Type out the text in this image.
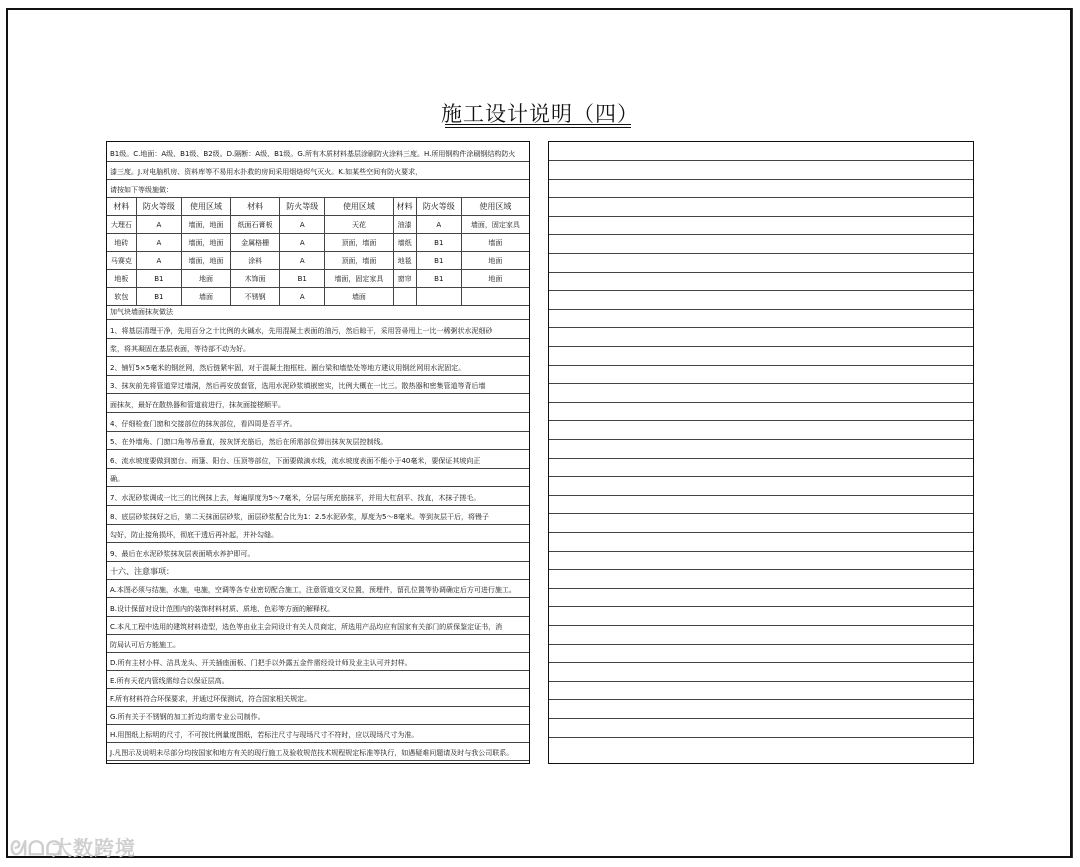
施工设计说明（四）
B1级。C.地面：A级、B1级、B2级。D.隔断：A级、B1级。G.所有木质材料基层涂刷防火涂料三度。H.所用钢构件涂刷钢结构防火
漆三度。J.对电脑机房、资料库等不易用水扑救的房间采用烟烙烬气灭火。K.如某些空间有防火要求，
请按如下等级施做：
材料	防火等级	使用区域	材料	防火等级	使用区域	材料	防火等级	使用区域
大理石	A	墙面，地面	纸面石膏板	A	天花	油漆	A	墙面，固定家具
地砖	A	墙面，地面	金属格栅	A	顶面，墙面	墙纸	B1	墙面
马赛克	A	墙面，地面	涂料	A	顶面，墙面	地毯	B1	地面
地板	B1	地面	木饰面	B1	墙面，固定家具	窗帘	B1	地面
软包	B1	墙面	不锈钢	A	墙面			
加气块墙面抹灰做法
1、将基层清理干净，先用百分之十比例的火碱水，先用混凝土表面的油污，然后晾干，采用笤帚甩上一比一稀粥状水泥细砂
浆，将其凝固在基层表面，等待部不动为好。
2、铺钉5×5毫米的钢丝网，然后链紧牢固，对于混凝土抱框柱、圈台梁和墙垫处等地方建议用钢丝网用水泥固定。
3、抹灰前先将管道穿过墙洞，然后再安放套管，选用水泥砂浆填嵌密实，比例大概在一比三。散热器和密集管道等背后墙
面抹灰，最好在散热器和管道前进行，抹灰面接槎顺平。
4、仔细检查门窗和交接部位的抹灰部位，看四周是否平齐。
5、在外墙角、门窗口角等吊垂直，按灰饼充筋后，然后在所需部位弹出抹灰灰层控制线。
6、流水坡度要做到窗台、雨篷、阳台、压顶等部位，下面要做滴水线，流水坡度表面不能小于40毫米，要保证其坡向正
确。
7、水泥砂浆调成一比三的比例抹上去，每遍厚度为5～7毫米，分层与所充筋抹平，并用大杠刮平、找直，木抹子搓毛。
8、底层砂浆抹好之后，第二天抹面层砂浆，面层砂浆配合比为1：2.5水泥砂浆，厚度为5～8毫米。等到灰层干后，将镘子
勾好，防止接角损坏，彻底干透后再补起，并补勾缝。
9、最后在水泥砂浆抹灰层表面喷水养护即可。
十六、注意事项：
A.本图必须与结施，水施，电施，空调等各专业密切配合施工，注意管道交叉位置，预埋件，留孔位置等协调确定后方可进行施工。
B.设计保留对设计范围内的装饰材料材质、质地、色彩等方面的解释权。
C.本凡工程中选用的建筑材料造型，选色等由业主会同设计有关人员商定，所选用产品均应有国家有关部门的质保鉴定证书，消
防局认可后方能施工。
D.所有主材小样、洁具龙头、开关插座面板、门把手以外露五金件需经设计师及业主认可并封样。
E.所有天花内管线需综合以保证层高。
F.所有材料符合环保要求，并通过环保测试，符合国家相关规定。
G.所有关于不锈钢的加工折边均需专业公司制作。
H.用图纸上标明的尺寸，不可按比例量度图纸，若标注尺寸与现场尺寸不符时，应以现场尺寸为准。
J.凡图示及说明未尽部分均按国家和地方有关的现行施工及验收规范技术规程规定标准等执行，如遇疑难问题请及时与我公司联系。
ᘛᗝᗝ 大数跨境
